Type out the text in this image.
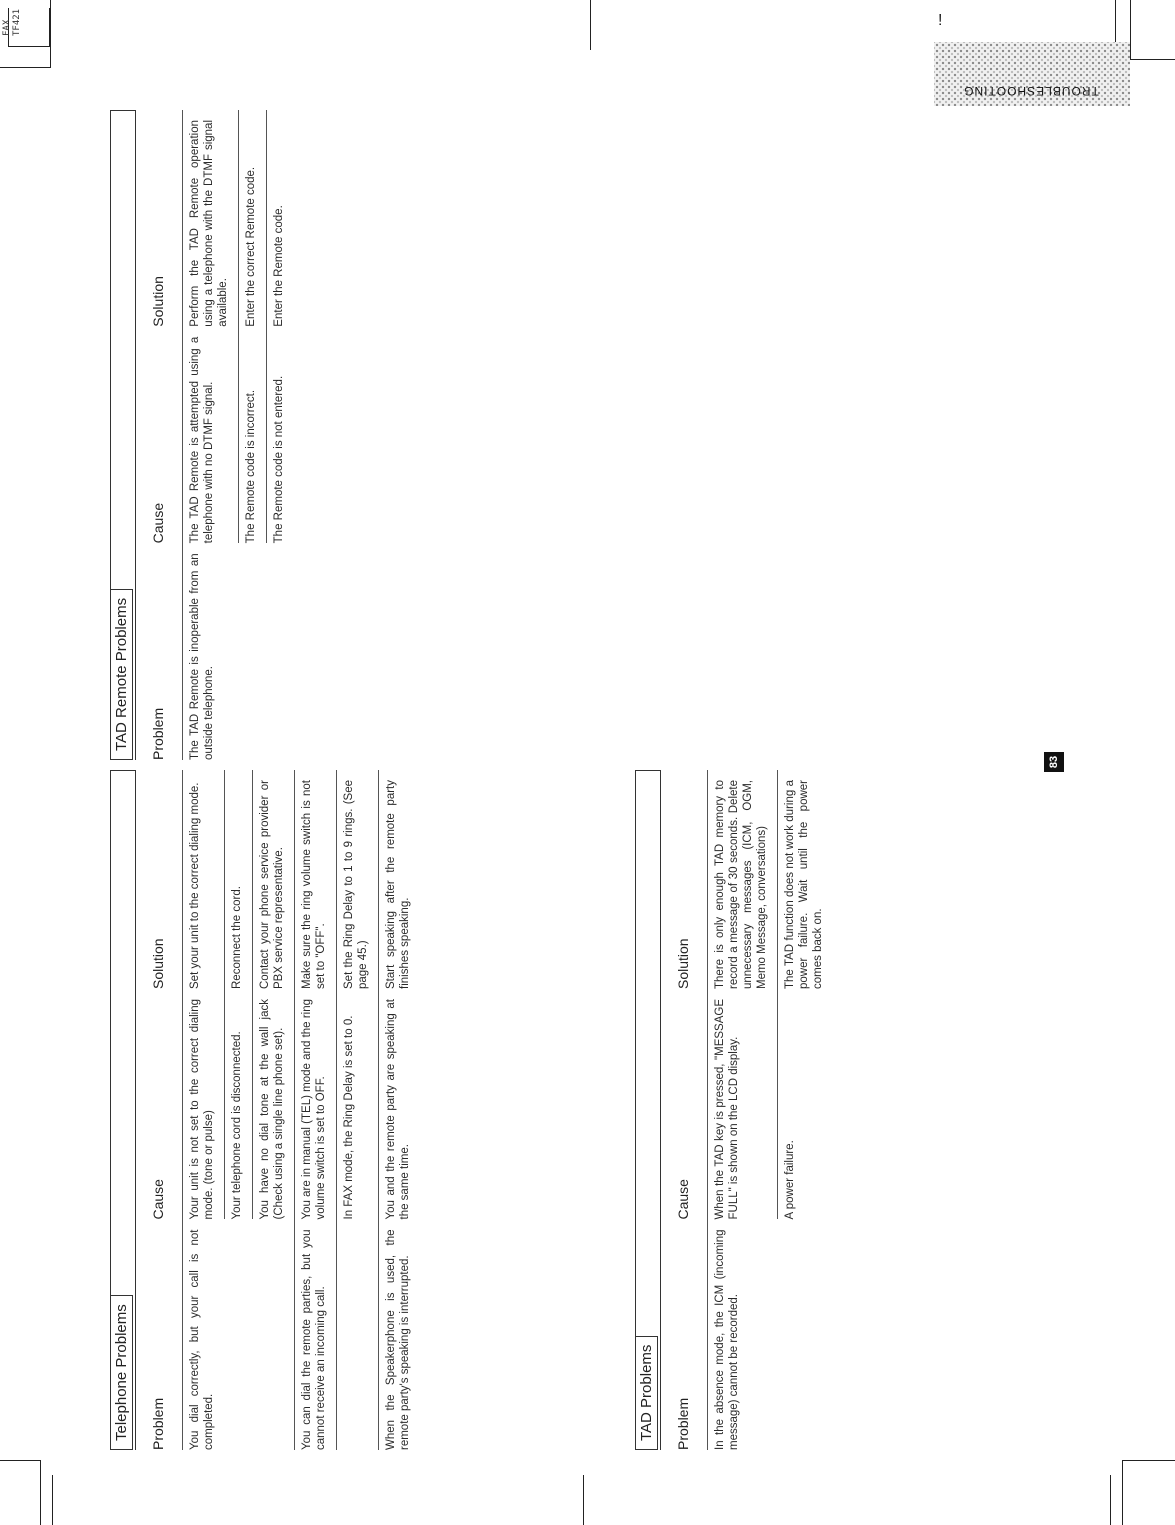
FAX
TF421	!
TROUBLESHOOTING
83
Telephone Problems	Problem	Cause	Solution
You dial correctly, but your call is not completed.	Your unit is not set to the correct dialing mode. (tone or pulse)	Set your unit to the correct dialing mode.
	Your telephone cord is disconnected.	Reconnect the cord.
	You have no dial tone at the wall jack (Check using a single line phone set).	Contact your phone service provider or PBX service representative.
You can dial the remote parties, but you cannot receive an incoming call.	You are in manual (TEL) mode and the ring volume switch is set to OFF.	Make sure the ring volume switch is not set to "OFF".
	In FAX mode, the Ring Delay is set to 0.	Set the Ring Delay to 1 to 9 rings. (See page 45.)
When the Speakerphone is used, the remote party's speaking is interrupted.	You and the remote party are speaking at the same time.	Start speaking after the remote party finishes speaking.
TAD Problems	Problem	Cause	Solution
In the absence mode, the ICM (incoming message) cannot be recorded.	When the TAD key is pressed, "MESSAGE FULL" is shown on the LCD display.	There is only enough TAD memory to record a message of 30 seconds. Delete unnecessary messages (ICM, OGM, Memo Message, conversations)
	A power failure.	The TAD function does not work during a power failure. Wait until the power comes back on.
TAD Remote Problems	Problem	Cause	Solution
The TAD Remote is inoperable from an outside telephone.	The TAD Remote is attempted using a telephone with no DTMF signal.	Perform the TAD Remote operation using a telephone with the DTMF signal available.
	The Remote code is incorrect.	Enter the correct Remote code.
	The Remote code is not entered.	Enter the Remote code.
